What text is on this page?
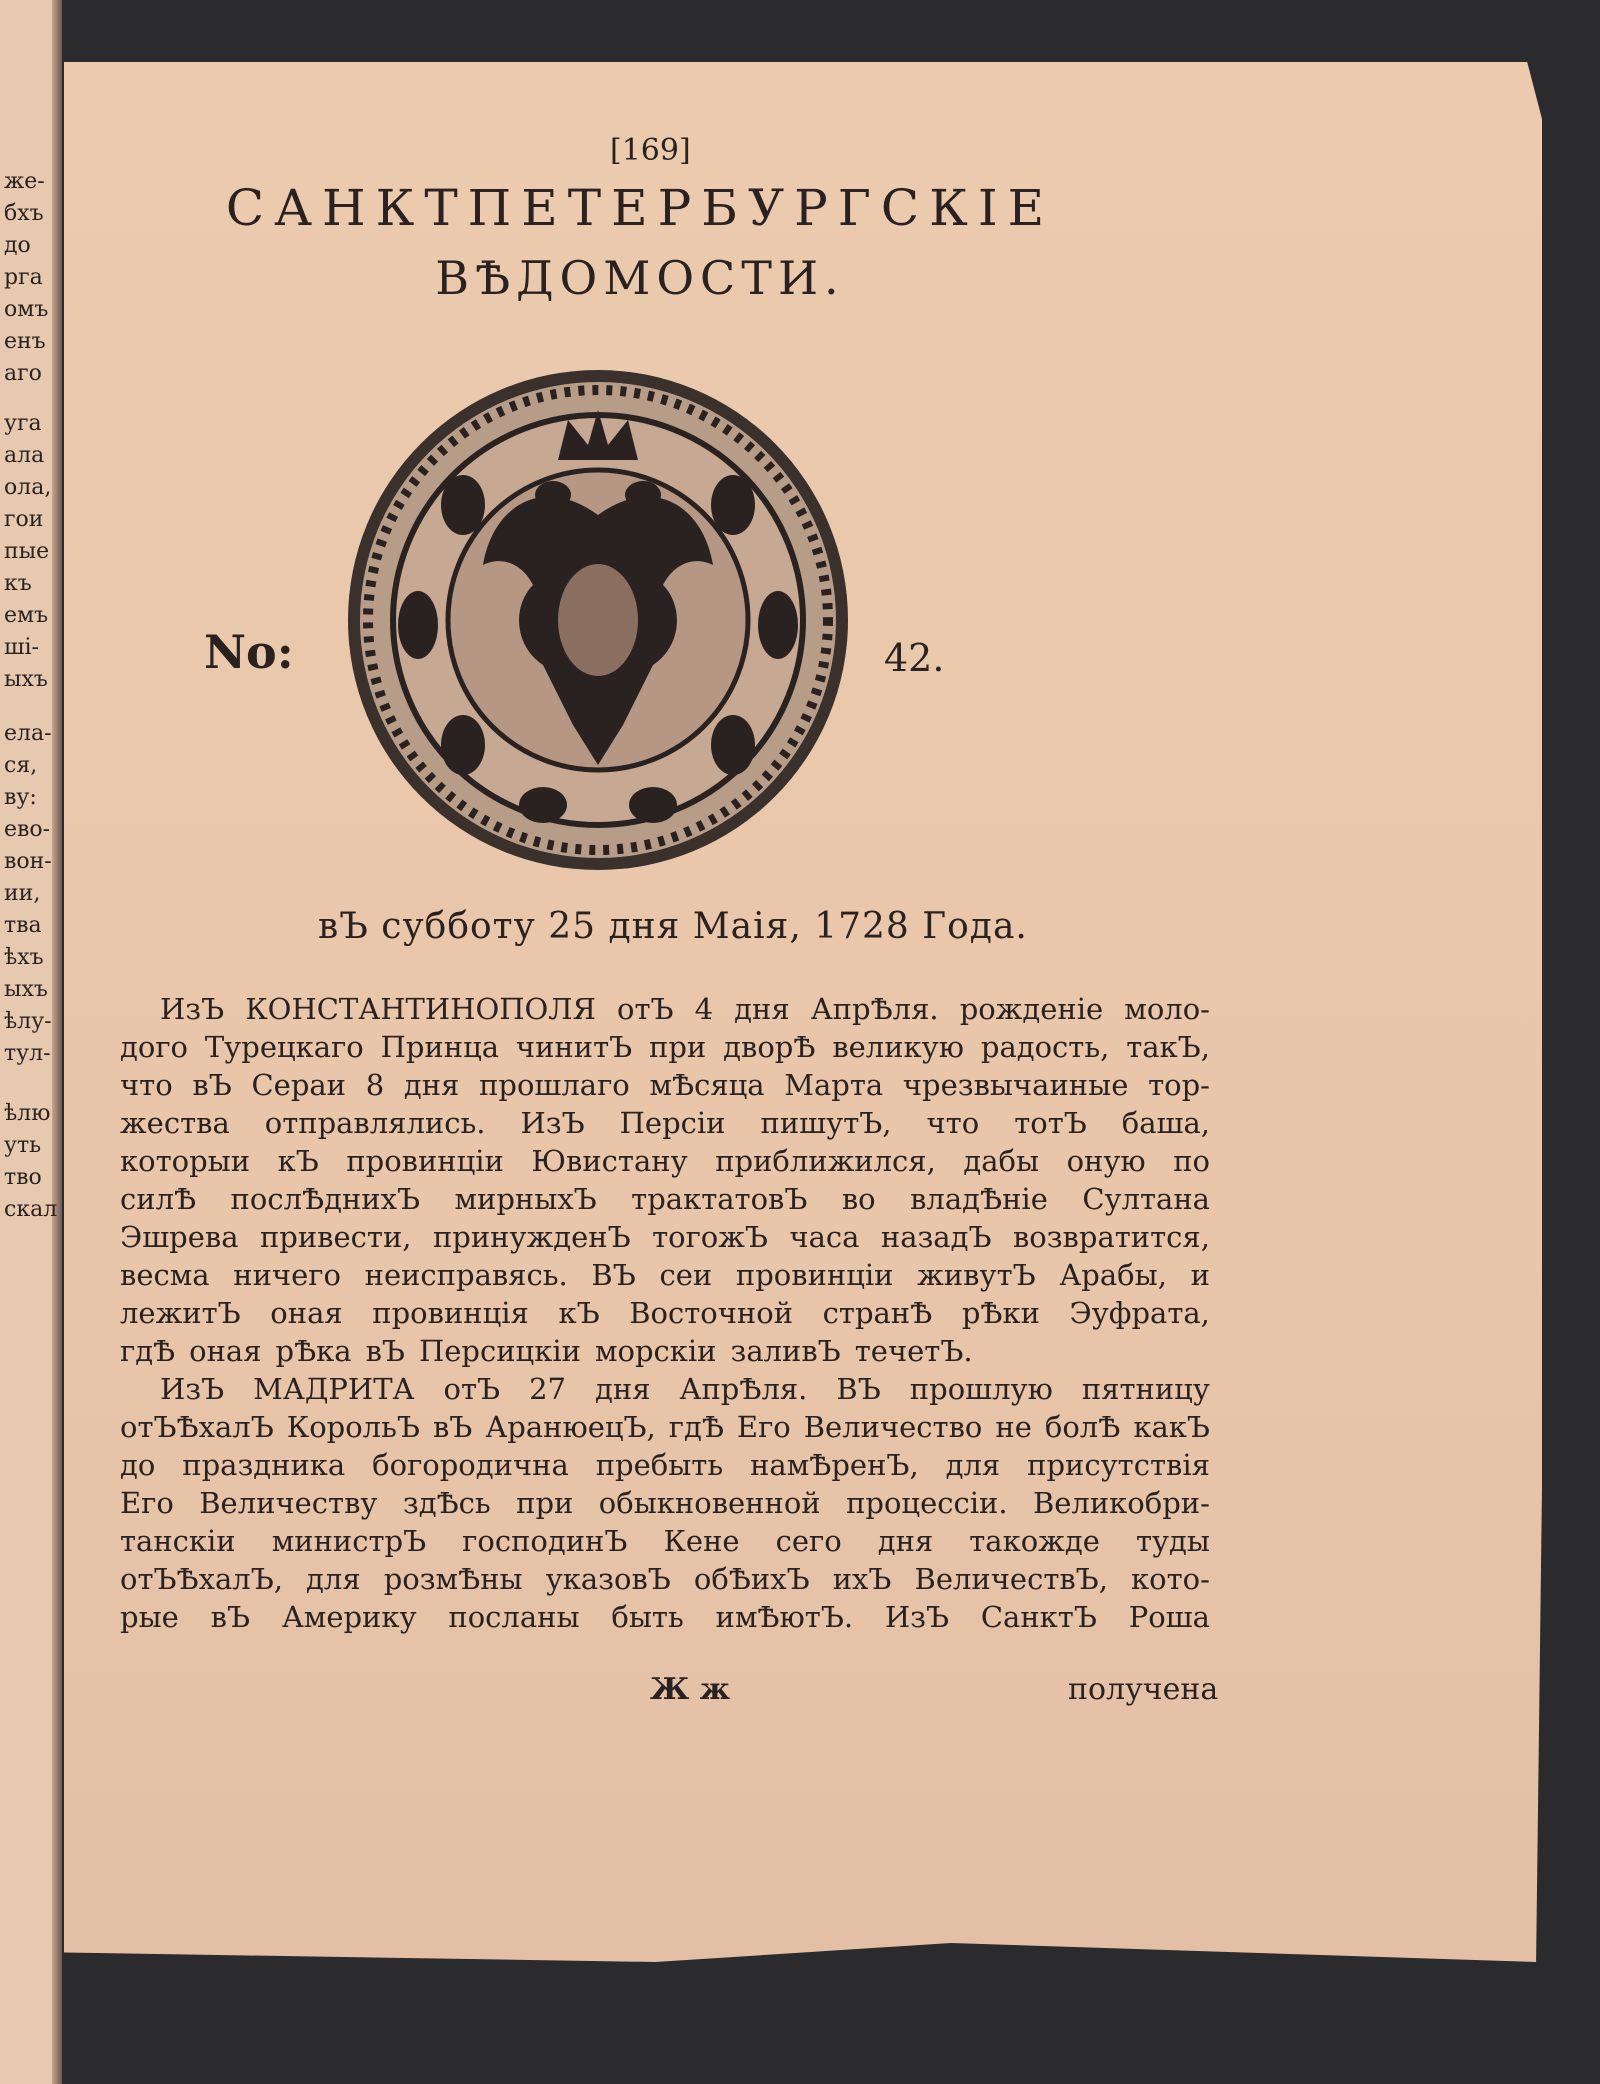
же-
бхъ
до
рга
омъ
енъ
аго
уга
ала
ола,
гои
пые
къ
емъ
ші-
ыхъ
ела-
ся,
ву:
ево-
вон-
ии,
тва
ѣхъ
ыхъ
ѣлу-
тул-
ѣлю
уть
тво
скал
[169]
САНКТПЕТЕРБУРГСКІЕ
ВѢДОМОСТИ.
No:	42.
вЪ субботу 25 дня Маія, 1728 Года.
ИзЪ КОНСТАНТИНОПОЛЯ отЪ 4 дня АпрѢля. рожденіе моло-
дого Турецкаго Принца чинитЪ при дворѢ великую радость, такЪ,
что вЪ Сераи 8 дня прошлаго мѢсяца Марта чрезвычаиные тор-
жества отправлялись. ИзЪ Персіи пишутЪ, что тотЪ баша,
которыи кЪ провинціи Ювистану приближился, дабы оную по
силѢ послѢднихЪ мирныхЪ трактатовЪ во владѢніе Султана
Эшрева привести, принужденЪ тогожЪ часа назадЪ возвратится,
весма ничего неисправясь. ВЪ сеи провинціи живутЪ Арабы, и
лежитЪ оная провинція кЪ Восточной странѢ рѢки Эуфрата,
гдѢ оная рѢка вЪ Персицкіи морскіи заливЪ течетЪ.
ИзЪ МАДРИТА отЪ 27 дня АпрѢля. ВЪ прошлую пятницу
отЪѢхалЪ КорольЪ вЪ АранюецЪ, гдѢ Его Величество не болѢ какЪ
до праздника богородична пребыть намѢренЪ, для присутствія
Его Величеству здѢсь при обыкновенной процессіи. Великобри-
танскіи министрЪ господинЪ Кене сего дня такожде туды
отЪѢхалЪ, для розмѢны указовЪ обѢихЪ ихЪ ВеличествЪ, кото-
рые вЪ Америку посланы быть имѢютЪ. ИзЪ СанктЪ Роша
Ж ж	получена
